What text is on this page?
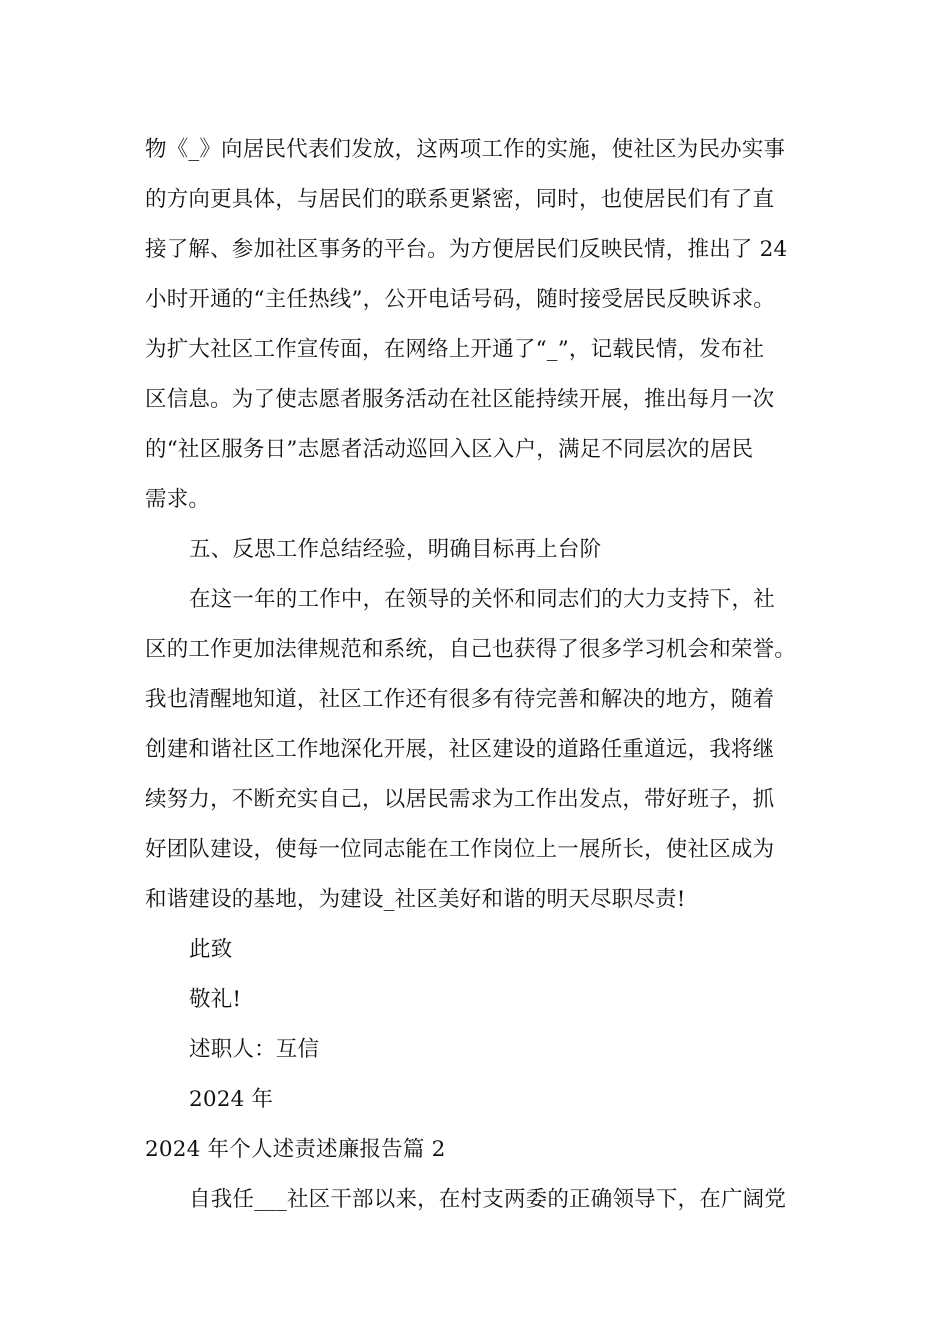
物《_》向居民代表们发放，这两项工作的实施，使社区为民办实事
的方向更具体，与居民们的联系更紧密，同时，也使居民们有了直
接了解、参加社区事务的平台。为方便居民们反映民情，推出了 24
小时开通的“主任热线”，公开电话号码，随时接受居民反映诉求。
为扩大社区工作宣传面，在网络上开通了“_”，记载民情，发布社
区信息。为了使志愿者服务活动在社区能持续开展，推出每月一次
的“社区服务日”志愿者活动巡回入区入户，满足不同层次的居民
需求。
五、反思工作总结经验，明确目标再上台阶
在这一年的工作中，在领导的关怀和同志们的大力支持下，社
区的工作更加法律规范和系统，自己也获得了很多学习机会和荣誉。
我也清醒地知道，社区工作还有很多有待完善和解决的地方，随着
创建和谐社区工作地深化开展，社区建设的道路任重道远，我将继
续努力，不断充实自己，以居民需求为工作出发点，带好班子，抓
好团队建设，使每一位同志能在工作岗位上一展所长，使社区成为
和谐建设的基地，为建设_社区美好和谐的明天尽职尽责!
此致
敬礼!
述职人：互信
2024 年
2024 年个人述责述廉报告篇 2
自我任___社区干部以来，在村支两委的正确领导下，在广阔党
